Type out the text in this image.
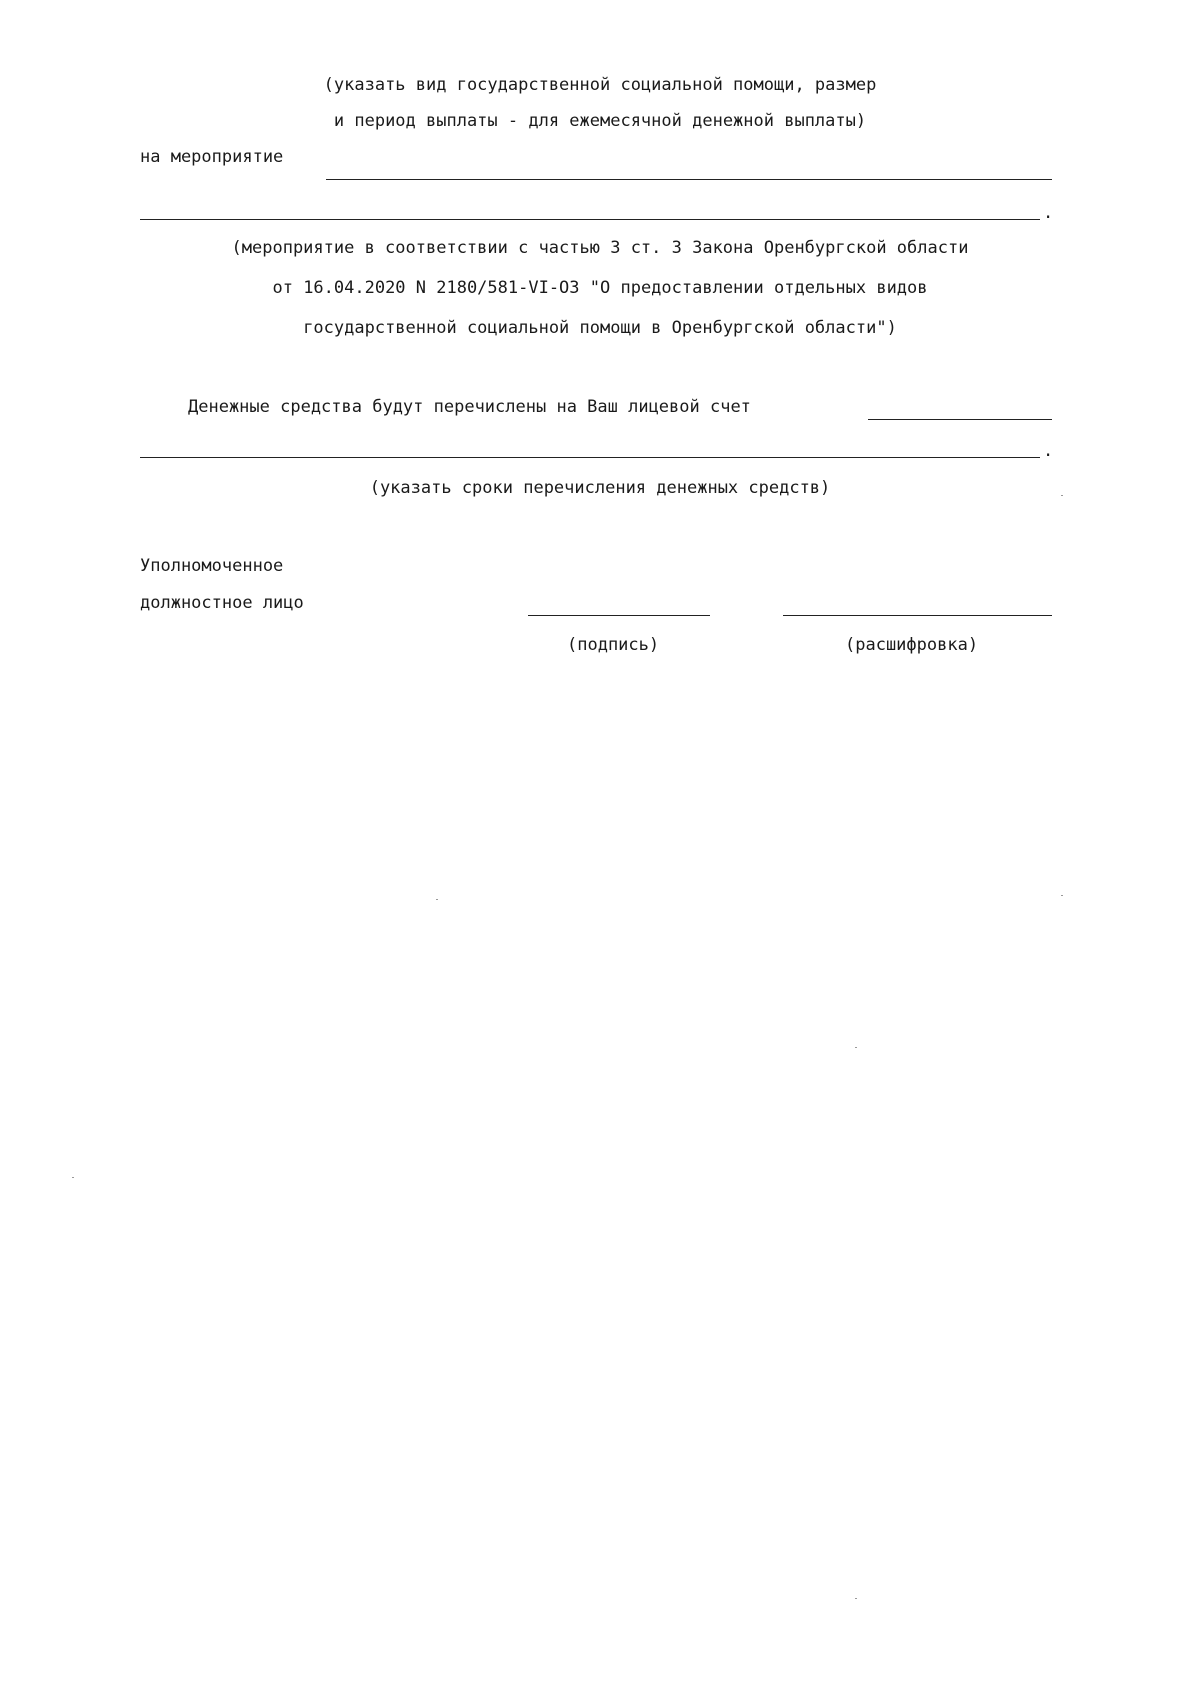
(указать вид государственной социальной помощи, размер
и период выплаты - для ежемесячной денежной выплаты)
на мероприятие
.
(мероприятие в соответствии с частью 3 ст. 3 Закона Оренбургской области
от 16.04.2020 N 2180/581-VI-ОЗ "О предоставлении отдельных видов
государственной социальной помощи в Оренбургской области")
Денежные средства будут перечислены на Ваш лицевой счет
.
(указать сроки перечисления денежных средств)
Уполномоченное
должностное лицо
(подпись)	(расшифровка)
